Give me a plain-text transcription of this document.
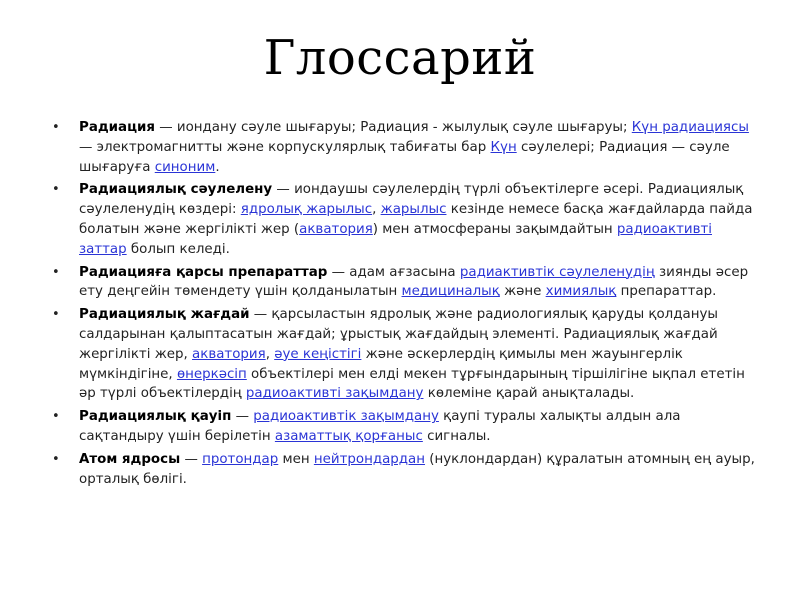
Глоссарий
• Радиация — иондану сәуле шығаруы; Радиация - жылулық сәуле шығаруы; Күн радиациясы — электромагнитты және корпускулярлық табиғаты бар Күн сәулелері; Радиация — сәуле шығаруға синоним.
• Радиациялық сәулелену — иондаушы сәулелердің түрлі объектілерге әсері. Радиациялық сәулеленудің көздері: ядролық жарылыс, жарылыс кезінде немесе басқа жағдайларда пайда болатын және жергілікті жер (акватория) мен атмосфераны зақымдайтын радиоактивті заттар болып келеді.
• Радиацияға қарсы препараттар — адам ағзасына радиактивтік сәулеленудің зиянды әсер ету деңгейін төмендету үшін қолданылатын медициналық және химиялық препараттар.
• Радиациялық жағдай — қарсыластын ядролық және радиологиялық қаруды қолдануы салдарынан қалыптасатын жағдай; ұрыстық жағдайдың элементі. Радиациялық жағдай жергілікті жер, акватория, әуе кеңістігі және әскерлердің қимылы мен жауынгерлік мүмкіндігіне, өнеркәсіп объектілері мен елді мекен тұрғындарының тіршілігіне ықпал ететін әр түрлі объектілердің радиоактивті зақымдану көлеміне қарай анықталады.
• Радиациялық қауіп — радиоактивтік зақымдану қаупі туралы халықты алдын ала сақтандыру үшін берілетін азаматтық қорғаныс сигналы.
• Атом ядросы — протондар мен нейтрондардан (нуклондардан) құралатын атомның ең ауыр, орталық бөлігі.
